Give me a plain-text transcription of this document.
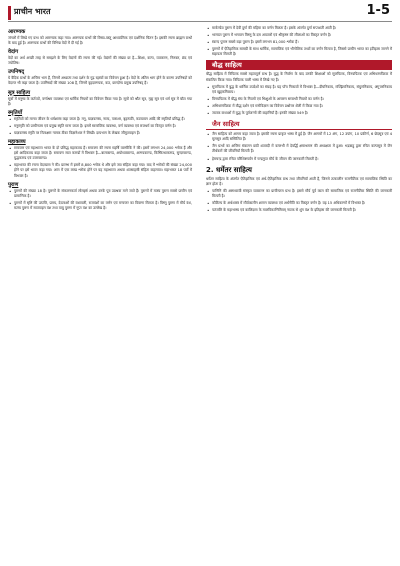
प्राचीन भारत	1-5
आरण्यक
जंगलों में लिखे गए ग्रन्थ को आरण्यक कहा गया। आरण्यक ग्रन्थों की विषय-वस्तु आध्यात्मिक एवं दार्शनिक चिंतन है। इसकी रचना ब्राह्मण ग्रन्थों के बाद हुई है। आरण्यक ग्रन्थों की विभिन्न वेदों में दी गई है।
वेदांग
वेदों का अर्थ अच्छी तरह से समझने के लिए वेदांगों की रचना की गई। वेदांगों की संख्या छः है—शिक्षा, कल्प, व्याकरण, निरुक्त, छंद एवं ज्योतिष।
उपनिषद्
ये वैदिक ग्रन्थों के अन्तिम भाग हैं, जिनमें अध्यात्म तथा दर्शन के गूढ़ रहस्यों का विवेचन हुआ है। वेदों के अंतिम भाग होने के कारण उपनिषदों को वेदान्त भी कहा जाता है। उपनिषदों की संख्या 108 है, जिनमें वृहदारण्यक, कठ, छान्दोग्य प्रमुख उपनिषद् हैं।
सूत्र साहित्य
सूत्रों में मनुष्य के कर्तव्यों, वर्णाश्रम व्यवस्था एवं धार्मिक नियमों का विवेचन किया गया है। सूत्रों को श्रौत सूत्र, गृह्य सूत्र एवं धर्म सूत्र में बाँटा गया है।
स्मृतियाँ
• स्मृतियों को मानव जीवन के धर्मशास्त्र कहा जाता है। मनु, याज्ञवल्क्य, नारद, पाराशर, बृहस्पति, कात्यायन आदि की स्मृतियाँ प्रसिद्ध हैं।
• मनुस्मृति को प्राचीनतम एवं प्रमुख स्मृति माना जाता है। इसमें सामाजिक व्यवस्था, वर्ण व्यवस्था एवं राजधर्म का विस्तृत वर्णन है।
• याज्ञवल्क्य स्मृति पर मिताक्षरा नामक टीका विज्ञानेश्वर ने लिखी। दायभाग के लेखक जीमूतवाहन हैं।
महाकाव्य
• रामायण एवं महाभारत भारत के दो प्रसिद्ध महाकाव्य हैं। रामायण की रचना महर्षि वाल्मीकि ने की। इसमें लगभग 24,000 श्लोक हैं और इसे आदिकाव्य कहा जाता है। रामायण सात काण्डों में विभक्त है—बालकाण्ड, अयोध्याकाण्ड, अरण्यकाण्ड, किष्किन्धाकाण्ड, सुन्दरकाण्ड, युद्धकाण्ड एवं उत्तरकाण्ड।
• महाभारत की रचना वेदव्यास ने की। प्रारम्भ में इसमें 8,800 श्लोक थे और इसे जय संहिता कहा गया। बाद में श्लोकों की संख्या 24,000 होने पर इसे भारत कहा गया। अन्त में एक लाख श्लोक होने पर यह महाभारत अथवा शतसाहस्री संहिता कहलाया। महाभारत 18 पर्वों में विभक्त है।
पुराण
• पुराणों की संख्या 18 है। पुराणों के संकलनकर्ता लोमहर्ष अथवा उनके पुत्र उग्रश्रवा माने जाते हैं। पुराणों में मत्स्य पुराण सबसे प्राचीन एवं प्रामाणिक है।
• पुराणों में सृष्टि की उत्पत्ति, प्रलय, देवताओं की वंशावली, राजवंशों का वर्णन एवं मन्वन्तर का विवरण मिलता है। विष्णु पुराण में मौर्य वंश, मत्स्य पुराण में सातवाहन वंश तथा वायु पुराण में गुप्त वंश का उल्लेख है।
• मार्कण्डेय पुराण में देवी दुर्गा की महिमा का वर्णन मिलता है। इसके अंतर्गत दुर्गा सप्तशती आती है।
• भागवत पुराण में भगवान विष्णु के दस अवतारों एवं श्रीकृष्ण की लीलाओं का विस्तृत वर्णन है।
• स्कन्द पुराण सबसे बड़ा पुराण है। इसमें लगभग 81,000 श्लोक हैं।
• पुराणों में ऐतिहासिक सामग्री के साथ धार्मिक, सामाजिक एवं भौगोलिक तथ्यों का वर्णन मिलता है, जिससे प्राचीन भारत का इतिहास जानने में सहायता मिलती है।
बौद्ध साहित्य
बौद्ध साहित्य में त्रिपिटक सबसे महत्वपूर्ण ग्रन्थ है। बुद्ध के निर्वाण के बाद उनकी शिक्षाओं को सुत्तपिटक, विनयपिटक एवं अभिधम्मपिटक में संकलित किया गया। त्रिपिटक पाली भाषा में लिखे गए हैं।
• सुत्तपिटक में बुद्ध के धार्मिक उपदेशों का संग्रह है। यह पाँच निकायों में विभक्त है—दीघनिकाय, मज्झिमनिकाय, संयुत्तनिकाय, अंगुत्तरनिकाय एवं खुद्दकनिकाय।
• विनयपिटक में बौद्ध संघ के नियमों एवं भिक्षुओं के आचरण सम्बन्धी नियमों का वर्णन है।
• अभिधम्मपिटक में बौद्ध दर्शन एवं मनोविज्ञान का विवेचन प्रश्नोत्तर शैली में किया गया है।
• जातक कथाओं में बुद्ध के पूर्वजन्मों की कहानियाँ हैं। इनकी संख्या 549 है।
जैन साहित्य
• जैन साहित्य को आगम कहा जाता है। इसकी रचना प्राकृत भाषा में हुई है। जैन आगमों में 12 अंग, 12 उपांग, 10 प्रकीर्ण, 6 छेदसूत्र एवं 4 मूलसूत्र आदि सम्मिलित हैं।
• जैन ग्रन्थों का अन्तिम संकलन छठी शताब्दी में वल्लभी में देवर्द्धि क्षमाश्रमण की अध्यक्षता में हुआ। भद्रबाहु द्वारा रचित कल्पसूत्र में जैन तीर्थंकरों की जीवनियाँ मिलती हैं।
• हेमचन्द्र द्वारा रचित परिशिष्टपर्वन में चन्द्रगुप्त मौर्य के जीवन की जानकारी मिलती है।
2. धर्मेतर साहित्य
धर्मेतर साहित्य के अंतर्गत ऐतिहासिक एवं अर्ध-ऐतिहासिक ग्रन्थ तथा जीवनियाँ आती हैं, जिनसे तत्कालीन राजनीतिक एवं सामाजिक स्थिति का ज्ञान होता है।
• पाणिनि की अष्टाध्यायी संस्कृत व्याकरण का प्राचीनतम ग्रन्थ है। इससे मौर्य पूर्व काल की सामाजिक एवं राजनीतिक स्थिति की जानकारी मिलती है।
• कौटिल्य के अर्थशास्त्र में मौर्यकालीन शासन व्यवस्था एवं अर्थनीति का विस्तृत वर्णन है। यह 15 अधिकरणों में विभक्त है।
• पतंजलि के महाभाष्य एवं कालिदास के मालविकाग्निमित्रम् नाटक से शुंग वंश के इतिहास की जानकारी मिलती है।
